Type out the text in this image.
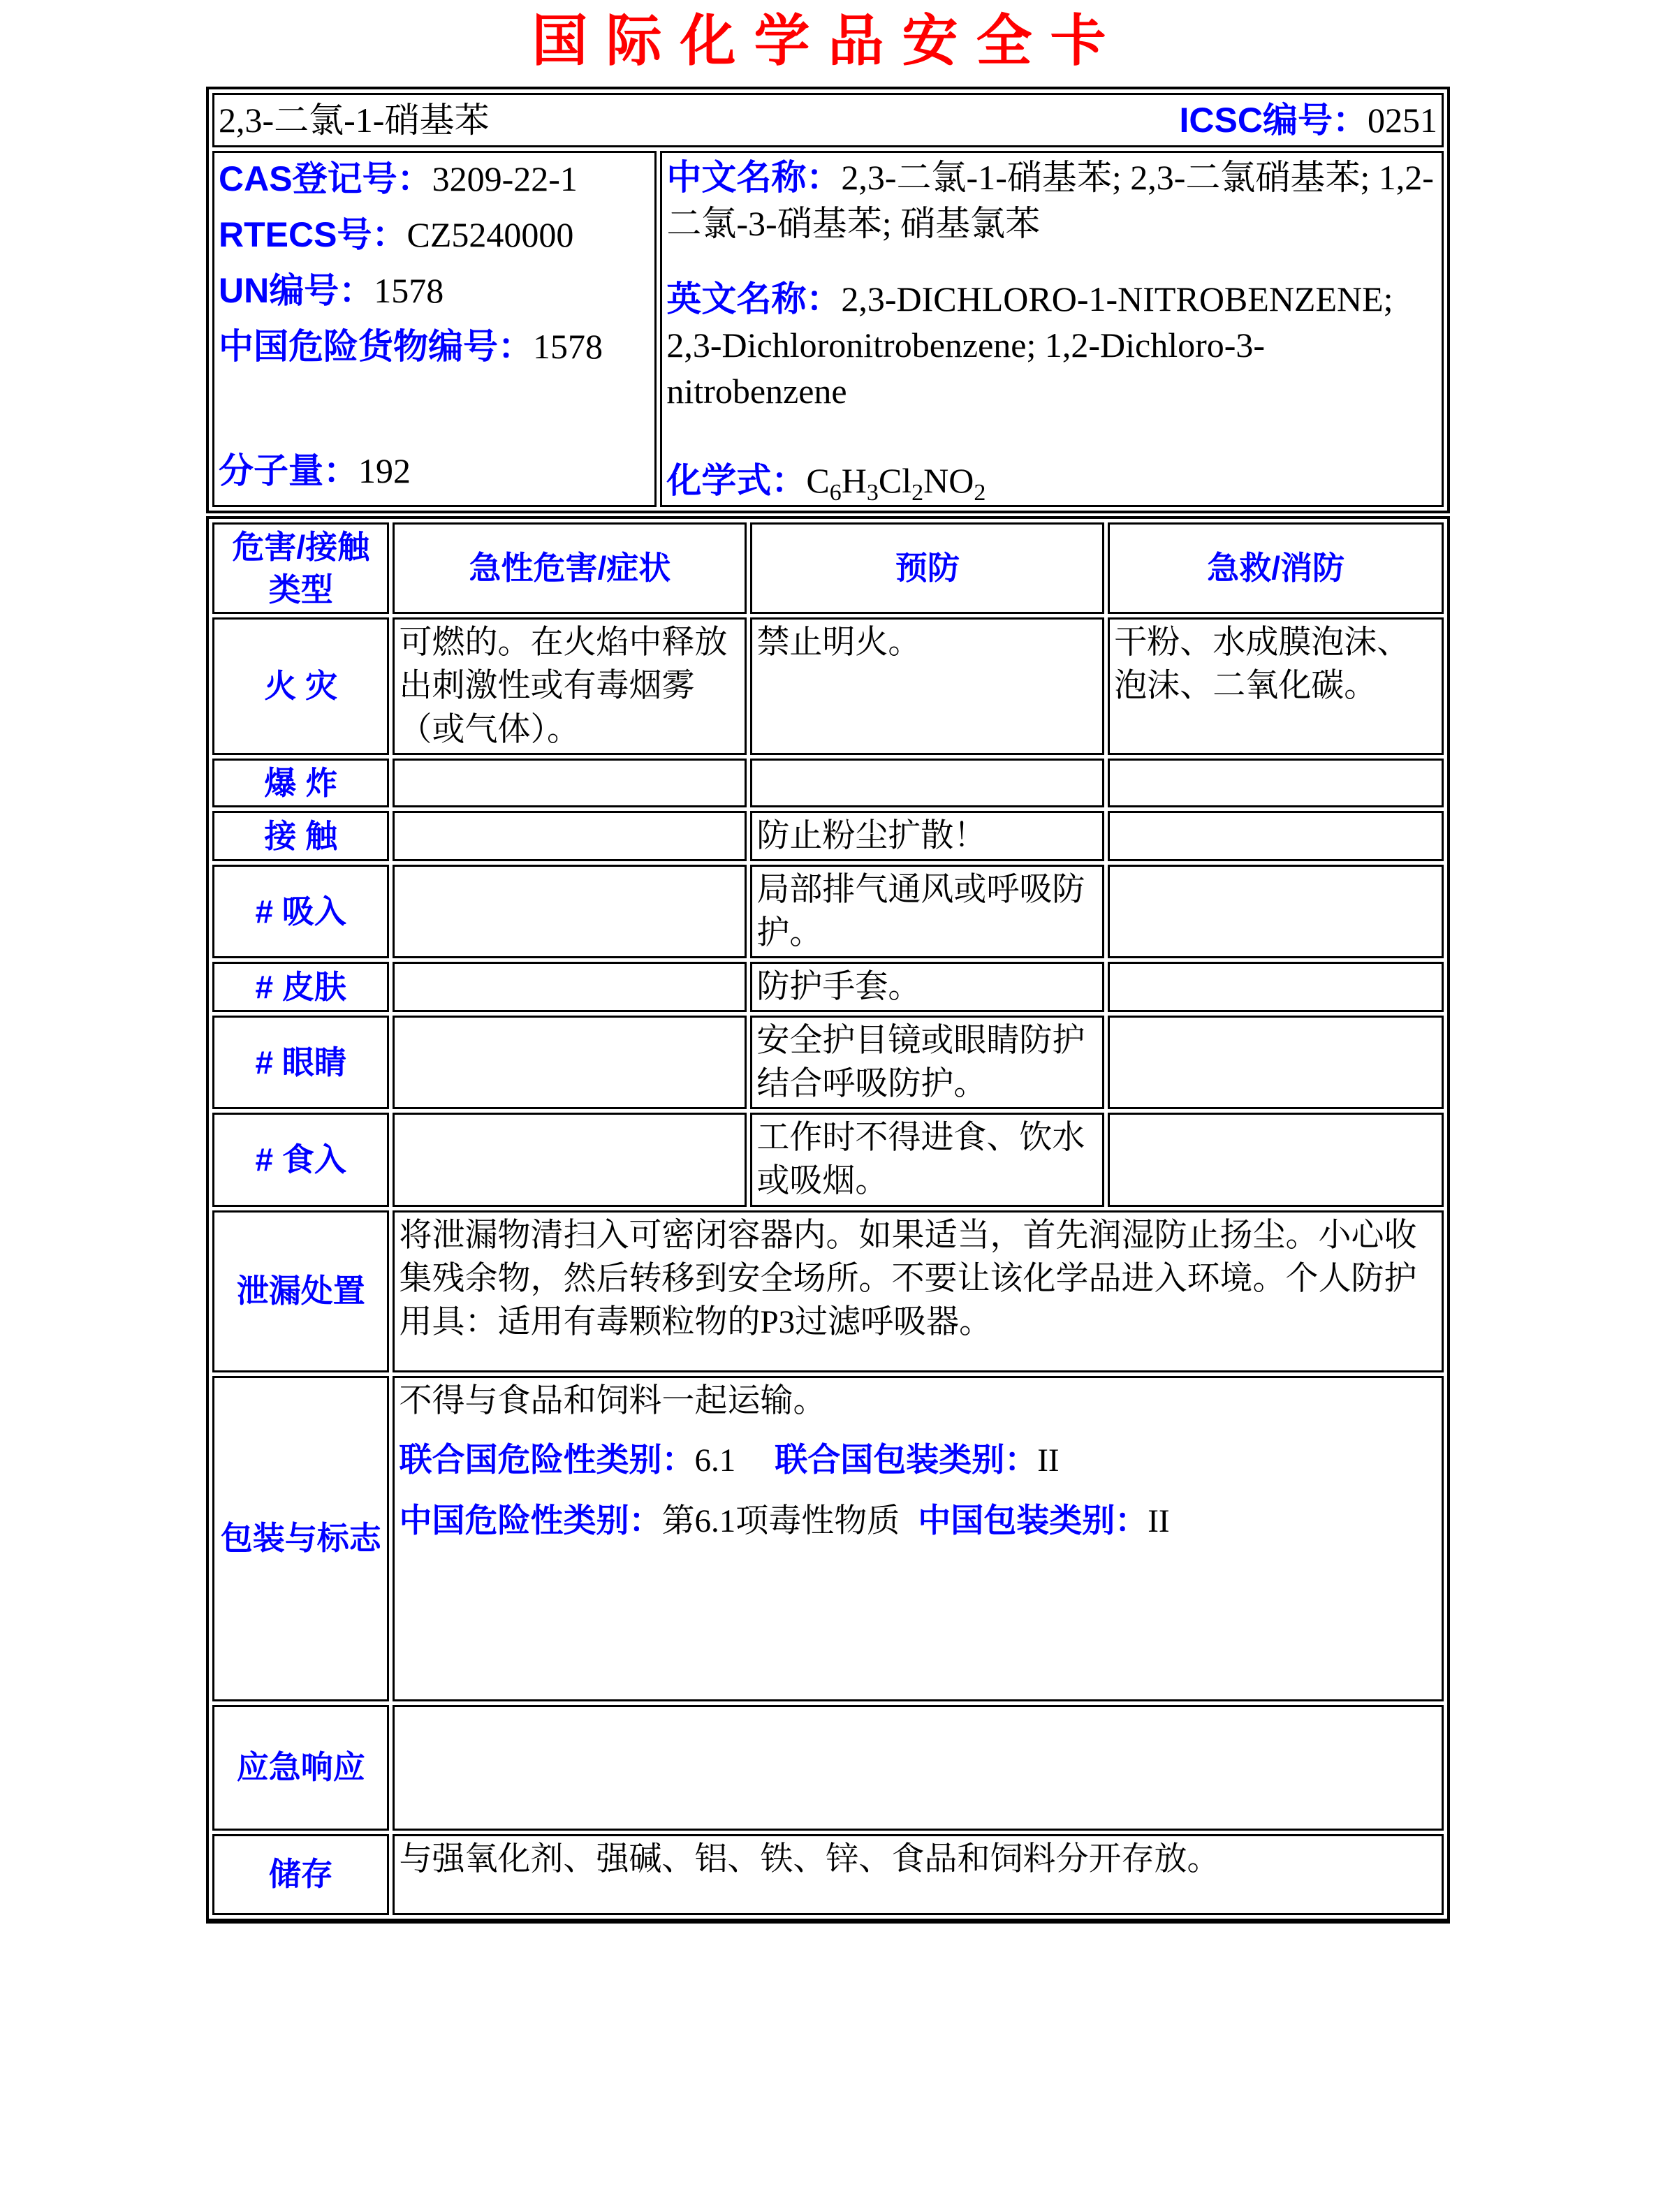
国际化学品安全卡
2,3-二氯-1-硝基苯	ICSC编号：0251

CAS登记号：3209-22-1
RTECS号：CZ5240000
UN编号：1578
中国危险货物编号：1578
分子量：192

中文名称：2,3-二氯-1-硝基苯; 2,3-二氯硝基苯; 1,2-二氯-3-硝基苯; 硝基氯苯

英文名称：2,3-DICHLORO-1-NITROBENZENE; 2,3-Dichloronitrobenzene; 1,2-Dichloro-3-nitrobenzene

化学式：$C_6H_3Cl_2NO_2$

危害/接触类型	急性危害/症状	预防	急救/消防
火 灾	可燃的。在火焰中释放出刺激性或有毒烟雾（或气体）。	禁止明火。	干粉、水成膜泡沫、泡沫、二氧化碳。
爆 炸			
接 触		防止粉尘扩散！	
# 吸入		局部排气通风或呼吸防护。	
# 皮肤		防护手套。	
# 眼睛		安全护目镜或眼睛防护结合呼吸防护。	
# 食入		工作时不得进食、饮水或吸烟。	
泄漏处置	将泄漏物清扫入可密闭容器内。如果适当，首先润湿防止扬尘。小心收集残余物，然后转移到安全场所。不要让该化学品进入环境。个人防护用具：适用有毒颗粒物的P3过滤呼吸器。		
包装与标志	不得与食品和饲料一起运输。

联合国危险性类别：6.1 联合国包装类别：II

中国危险性类别：第6.1项毒性物质 中国包装类别：II		

应急响应			
储存	与强氧化剂、强碱、铝、铁、锌、食品和饲料分开存放。		
